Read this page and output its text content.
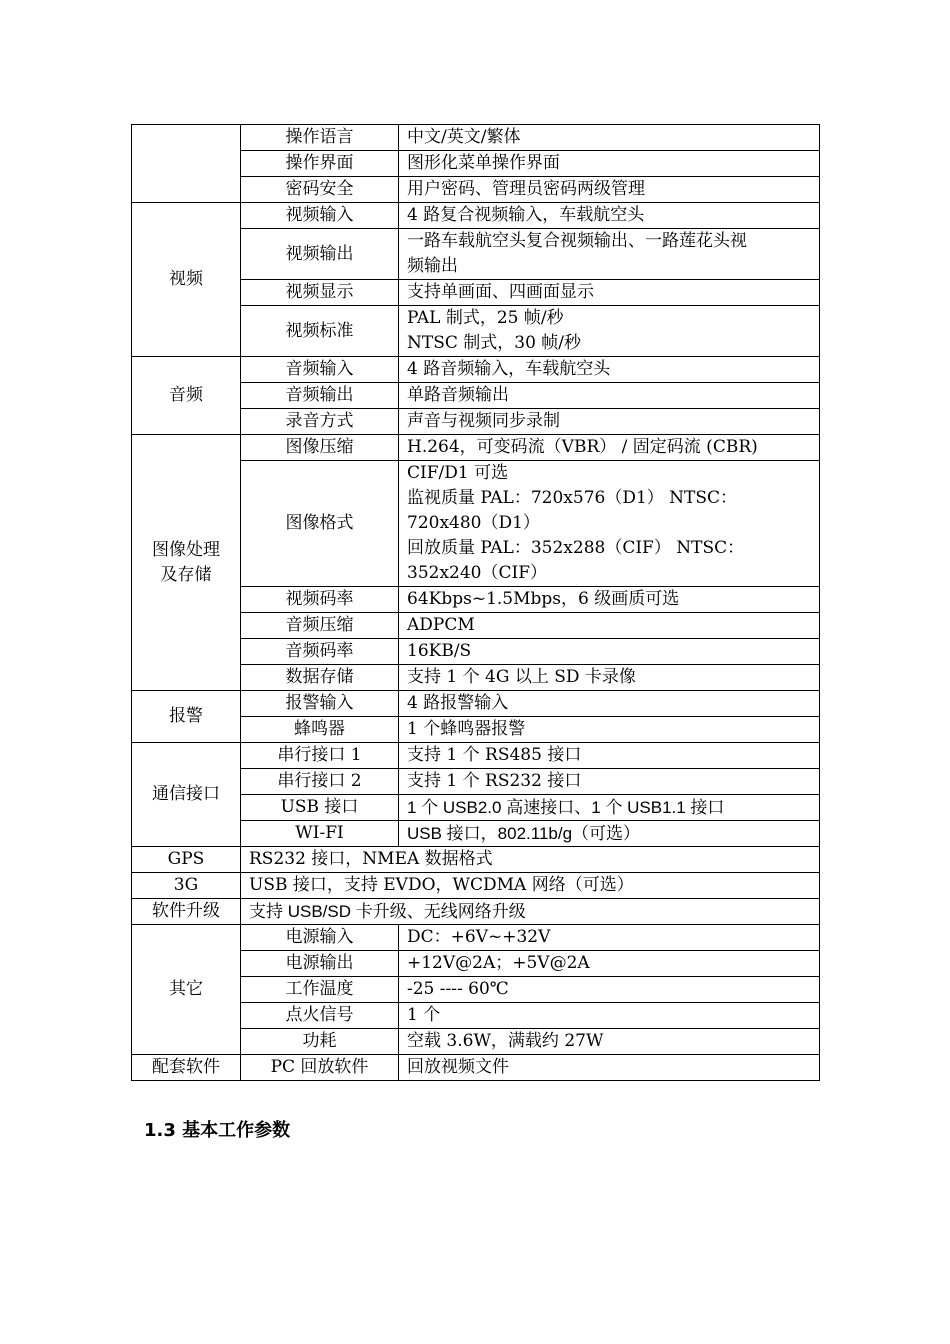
	操作语言	中文/英文/繁体

	操作界面	图形化菜单操作界面

	密码安全	用户密码、管理员密码两级管理

视频	视频输入	4 路复合视频输入，车载航空头

	视频输出	一路车载航空头复合视频输出、一路莲花头视
频输出

	视频显示	支持单画面、四画面显示

	视频标准	PAL 制式，25 帧/秒
NTSC 制式，30 帧/秒

音频	音频输入	4 路音频输入，车载航空头

	音频输出	单路音频输出

	录音方式	声音与视频同步录制

图像处理
及存储	图像压缩	H.264，可变码流（VBR） / 固定码流 (CBR)

	图像格式	CIF/D1 可选
监视质量 PAL：720x576（D1） NTSC：
720x480（D1）
回放质量 PAL：352x288（CIF） NTSC：
352x240（CIF）

	视频码率	64Kbps~1.5Mbps，6 级画质可选

	音频压缩	ADPCM

	音频码率	16KB/S

	数据存储	支持 1 个 4G 以上 SD 卡录像

报警	报警输入	4 路报警输入

	蜂鸣器	1 个蜂鸣器报警

通信接口	串行接口 1	支持 1 个 RS485 接口

	串行接口 2	支持 1 个 RS232 接口

	USB 接口	1 个 USB2.0 高速接口、1 个 USB1.1 接口

	WI-FI	USB 接口，802.11b/g（可选）

GPS	RS232 接口，NMEA 数据格式	

3G	USB 接口，支持 EVDO，WCDMA 网络（可选）	

软件升级	支持 USB/SD 卡升级、无线网络升级	

其它	电源输入	DC：+6V~+32V

	电源输出	+12V@2A；+5V@2A

	工作温度	-25 ---- 60℃

	点火信号	1 个

	功耗	空载 3.6W，满载约 27W

配套软件	PC 回放软件	回放视频文件
1.3 基本工作参数
